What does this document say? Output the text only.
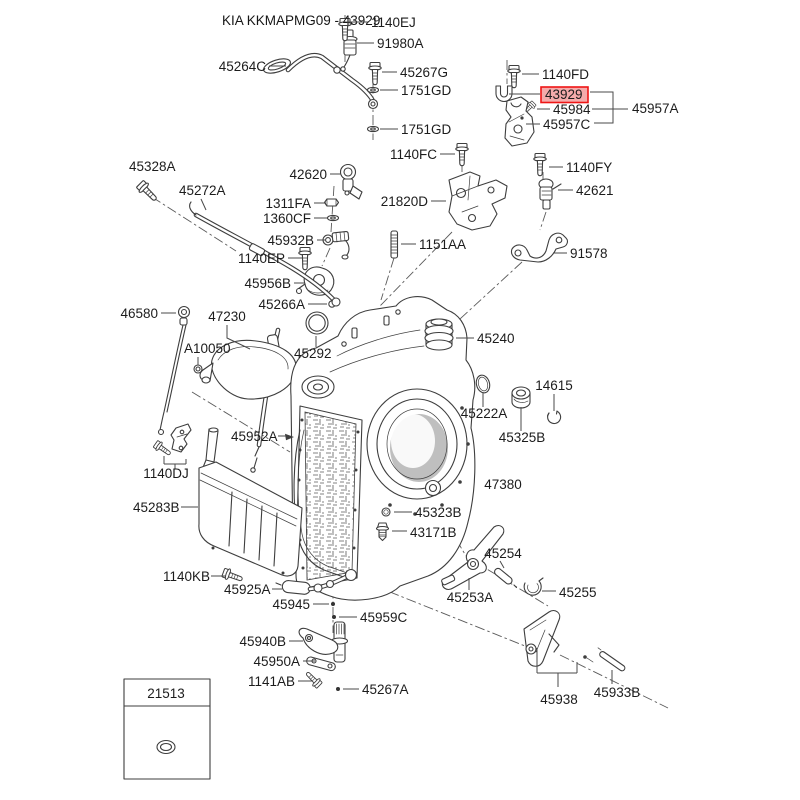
KIA KKMAPMG09 - 43929
1140EJ
91980A
45264C	45267G
1751GD
1751GD
1140FD
43929
45984
45957C
45957A
1140FC
1140FY
42621
45328A
42620
45272A
1311FA	21820D
1360CF
45932B	1151AA
91578
1140EP
45956B
46580
45266A
47230
45240
A10050	45292
14615
45222A
45325B
45952A
47380
1140DJ
45283B	45323B
43171B
45254
1140KB
45925A
45253A	45255
45945
45959C
45940B
45950A
1141AB
45267A
45938 45933B
21513
